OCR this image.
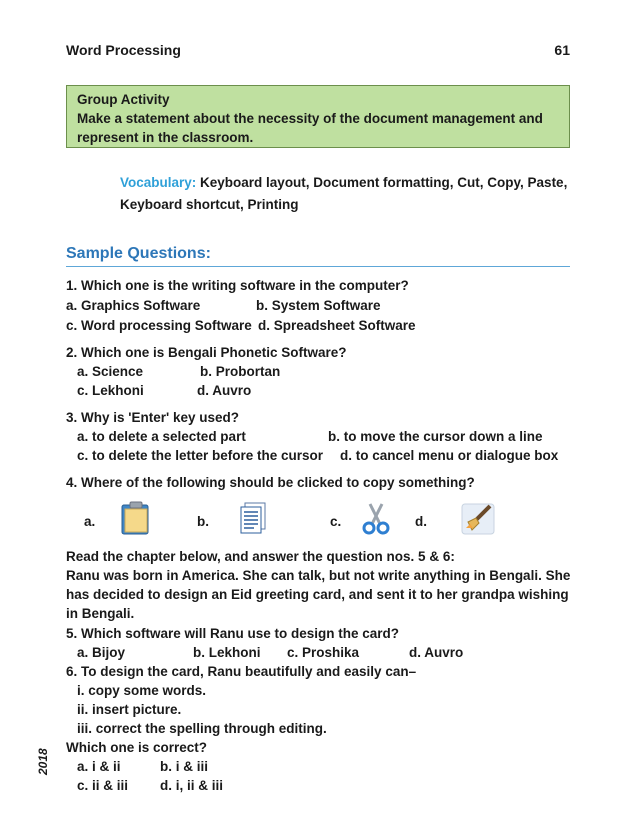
Word Processing	61
Group Activity
Make a statement about the necessity of the document management and
represent in the classroom.
Vocabulary: Keyboard layout, Document formatting, Cut, Copy, Paste,
Keyboard shortcut, Printing
Sample Questions:
1. Which one is the writing software in the computer?
a. Graphics Software	b. System Software
c. Word processing Software d. Spreadsheet Software
2. Which one is Bengali Phonetic Software?
a. Science	b. Probortan
c. Lekhoni	d. Auvro
3. Why is 'Enter' key used?
a. to delete a selected part	b. to move the cursor down a line
c. to delete the letter before the cursor d. to cancel menu or dialogue box
4. Where of the following should be clicked to copy something?
a.	b.	c.	d.
Read the chapter below, and answer the question nos. 5 & 6:
Ranu was born in America. She can talk, but not write anything in Bengali. She
has decided to design an Eid greeting card, and sent it to her grandpa wishing
in Bengali.
5. Which software will Ranu use to design the card?
a. Bijoy	b. Lekhoni c. Proshika	d. Auvro
6. To design the card, Ranu beautifully and easily can–
i. copy some words.
ii. insert picture.
iii. correct the spelling through editing.
Which one is correct?
a. i & ii	b. i & iii
c. ii & iii d. i, ii & iii
2018
